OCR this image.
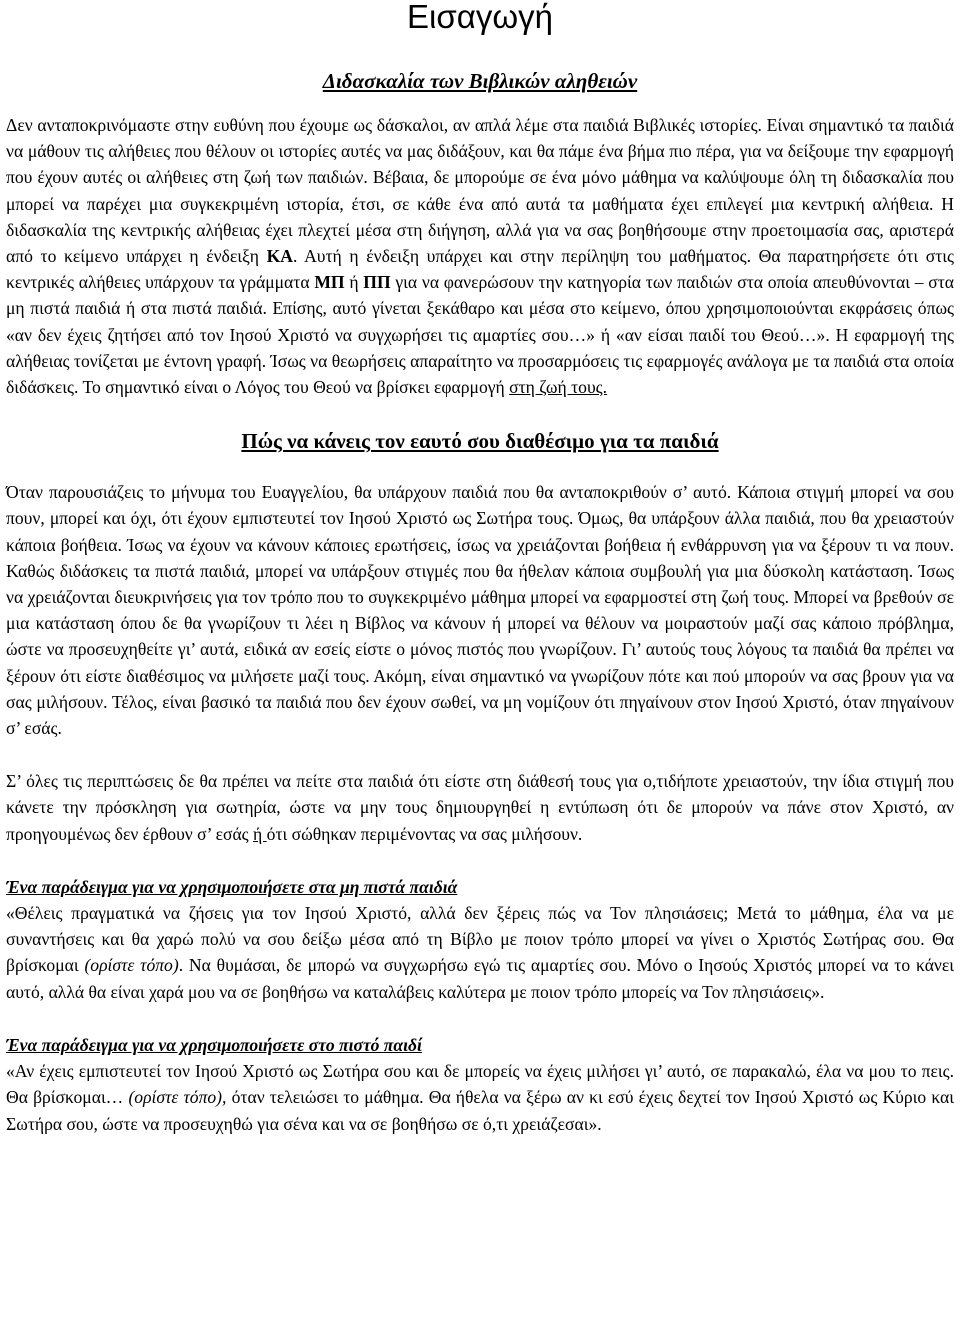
Εισαγωγή
Διδασκαλία των Βιβλικών αληθειών

Δεν ανταποκρινόμαστε στην ευθύνη που έχουμε ως δάσκαλοι, αν απλά λέμε στα παιδιά Βιβλικές ιστορίες. Είναι σημαντικό τα παιδιά να μάθουν τις αλήθειες που θέλουν οι ιστορίες αυτές να μας διδάξουν, και θα πάμε ένα βήμα πιο πέρα, για να δείξουμε την εφαρμογή που έχουν αυτές οι αλήθειες στη ζωή των παιδιών. Βέβαια, δε μπορούμε σε ένα μόνο μάθημα να καλύψουμε όλη τη διδασκαλία που μπορεί να παρέχει μια συγκεκριμένη ιστορία, έτσι, σε κάθε ένα από αυτά τα μαθήματα έχει επιλεγεί μια κεντρική αλήθεια. Η διδασκαλία της κεντρικής αλήθειας έχει πλεχτεί μέσα στη διήγηση, αλλά για να σας βοηθήσουμε στην προετοιμασία σας, αριστερά από το κείμενο υπάρχει η ένδειξη ΚΑ. Αυτή η ένδειξη υπάρχει και στην περίληψη του μαθήματος. Θα παρατηρήσετε ότι στις κεντρικές αλήθειες υπάρχουν τα γράμματα ΜΠ ή ΠΠ για να φανερώσουν την κατηγορία των παιδιών στα οποία απευθύνονται – στα μη πιστά παιδιά ή στα πιστά παιδιά. Επίσης, αυτό γίνεται ξεκάθαρο και μέσα στο κείμενο, όπου χρησιμοποιούνται εκφράσεις όπως «αν δεν έχεις ζητήσει από τον Ιησού Χριστό να συγχωρήσει τις αμαρτίες σου…» ή «αν είσαι παιδί του Θεού…». Η εφαρμογή της αλήθειας τονίζεται με έντονη γραφή. Ίσως να θεωρήσεις απαραίτητο να προσαρμόσεις τις εφαρμογές ανάλογα με τα παιδιά στα οποία διδάσκεις. Το σημαντικό είναι ο Λόγος του Θεού να βρίσκει εφαρμογή στη ζωή τους.

Πώς να κάνεις τον εαυτό σου διαθέσιμο για τα παιδιά

Όταν παρουσιάζεις το μήνυμα του Ευαγγελίου, θα υπάρχουν παιδιά που θα ανταποκριθούν σ’ αυτό. Κάποια στιγμή μπορεί να σου πουν, μπορεί και όχι, ότι έχουν εμπιστευτεί τον Ιησού Χριστό ως Σωτήρα τους. Όμως, θα υπάρξουν άλλα παιδιά, που θα χρειαστούν κάποια βοήθεια. Ίσως να έχουν να κάνουν κάποιες ερωτήσεις, ίσως να χρειάζονται βοήθεια ή ενθάρρυνση για να ξέρουν τι να πουν. Καθώς διδάσκεις τα πιστά παιδιά, μπορεί να υπάρξουν στιγμές που θα ήθελαν κάποια συμβουλή για μια δύσκολη κατάσταση. Ίσως να χρειάζονται διευκρινήσεις για τον τρόπο που το συγκεκριμένο μάθημα μπορεί να εφαρμοστεί στη ζωή τους. Μπορεί να βρεθούν σε μια κατάσταση όπου δε θα γνωρίζουν τι λέει η Βίβλος να κάνουν ή μπορεί να θέλουν να μοιραστούν μαζί σας κάποιο πρόβλημα, ώστε να προσευχηθείτε γι’ αυτά, ειδικά αν εσείς είστε ο μόνος πιστός που γνωρίζουν. Γι’ αυτούς τους λόγους τα παιδιά θα πρέπει να ξέρουν ότι είστε διαθέσιμος να μιλήσετε μαζί τους. Ακόμη, είναι σημαντικό να γνωρίζουν πότε και πού μπορούν να σας βρουν για να σας μιλήσουν. Τέλος, είναι βασικό τα παιδιά που δεν έχουν σωθεί, να μη νομίζουν ότι πηγαίνουν στον Ιησού Χριστό, όταν πηγαίνουν σ’ εσάς.

Σ’ όλες τις περιπτώσεις δε θα πρέπει να πείτε στα παιδιά ότι είστε στη διάθεσή τους για ο,τιδήποτε χρειαστούν, την ίδια στιγμή που κάνετε την πρόσκληση για σωτηρία, ώστε να μην τους δημιουργηθεί η εντύπωση ότι δε μπορούν να πάνε στον Χριστό, αν προηγουμένως δεν έρθουν σ’ εσάς ή ότι σώθηκαν περιμένοντας να σας μιλήσουν.

Ένα παράδειγμα για να χρησιμοποιήσετε στα μη πιστά παιδιά

«Θέλεις πραγματικά να ζήσεις για τον Ιησού Χριστό, αλλά δεν ξέρεις πώς να Τον πλησιάσεις; Μετά το μάθημα, έλα να με συναντήσεις και θα χαρώ πολύ να σου δείξω μέσα από τη Βίβλο με ποιον τρόπο μπορεί να γίνει ο Χριστός Σωτήρας σου. Θα βρίσκομαι (ορίστε τόπο). Να θυμάσαι, δε μπορώ να συγχωρήσω εγώ τις αμαρτίες σου. Μόνο ο Ιησούς Χριστός μπορεί να το κάνει αυτό, αλλά θα είναι χαρά μου να σε βοηθήσω να καταλάβεις καλύτερα με ποιον τρόπο μπορείς να Τον πλησιάσεις».

Ένα παράδειγμα για να χρησιμοποιήσετε στο πιστό παιδί

«Αν έχεις εμπιστευτεί τον Ιησού Χριστό ως Σωτήρα σου και δε μπορείς να έχεις μιλήσει γι’ αυτό, σε παρακαλώ, έλα να μου το πεις. Θα βρίσκομαι… (ορίστε τόπο), όταν τελειώσει το μάθημα. Θα ήθελα να ξέρω αν κι εσύ έχεις δεχτεί τον Ιησού Χριστό ως Κύριο και Σωτήρα σου, ώστε να προσευχηθώ για σένα και να σε βοηθήσω σε ό,τι χρειάζεσαι».
